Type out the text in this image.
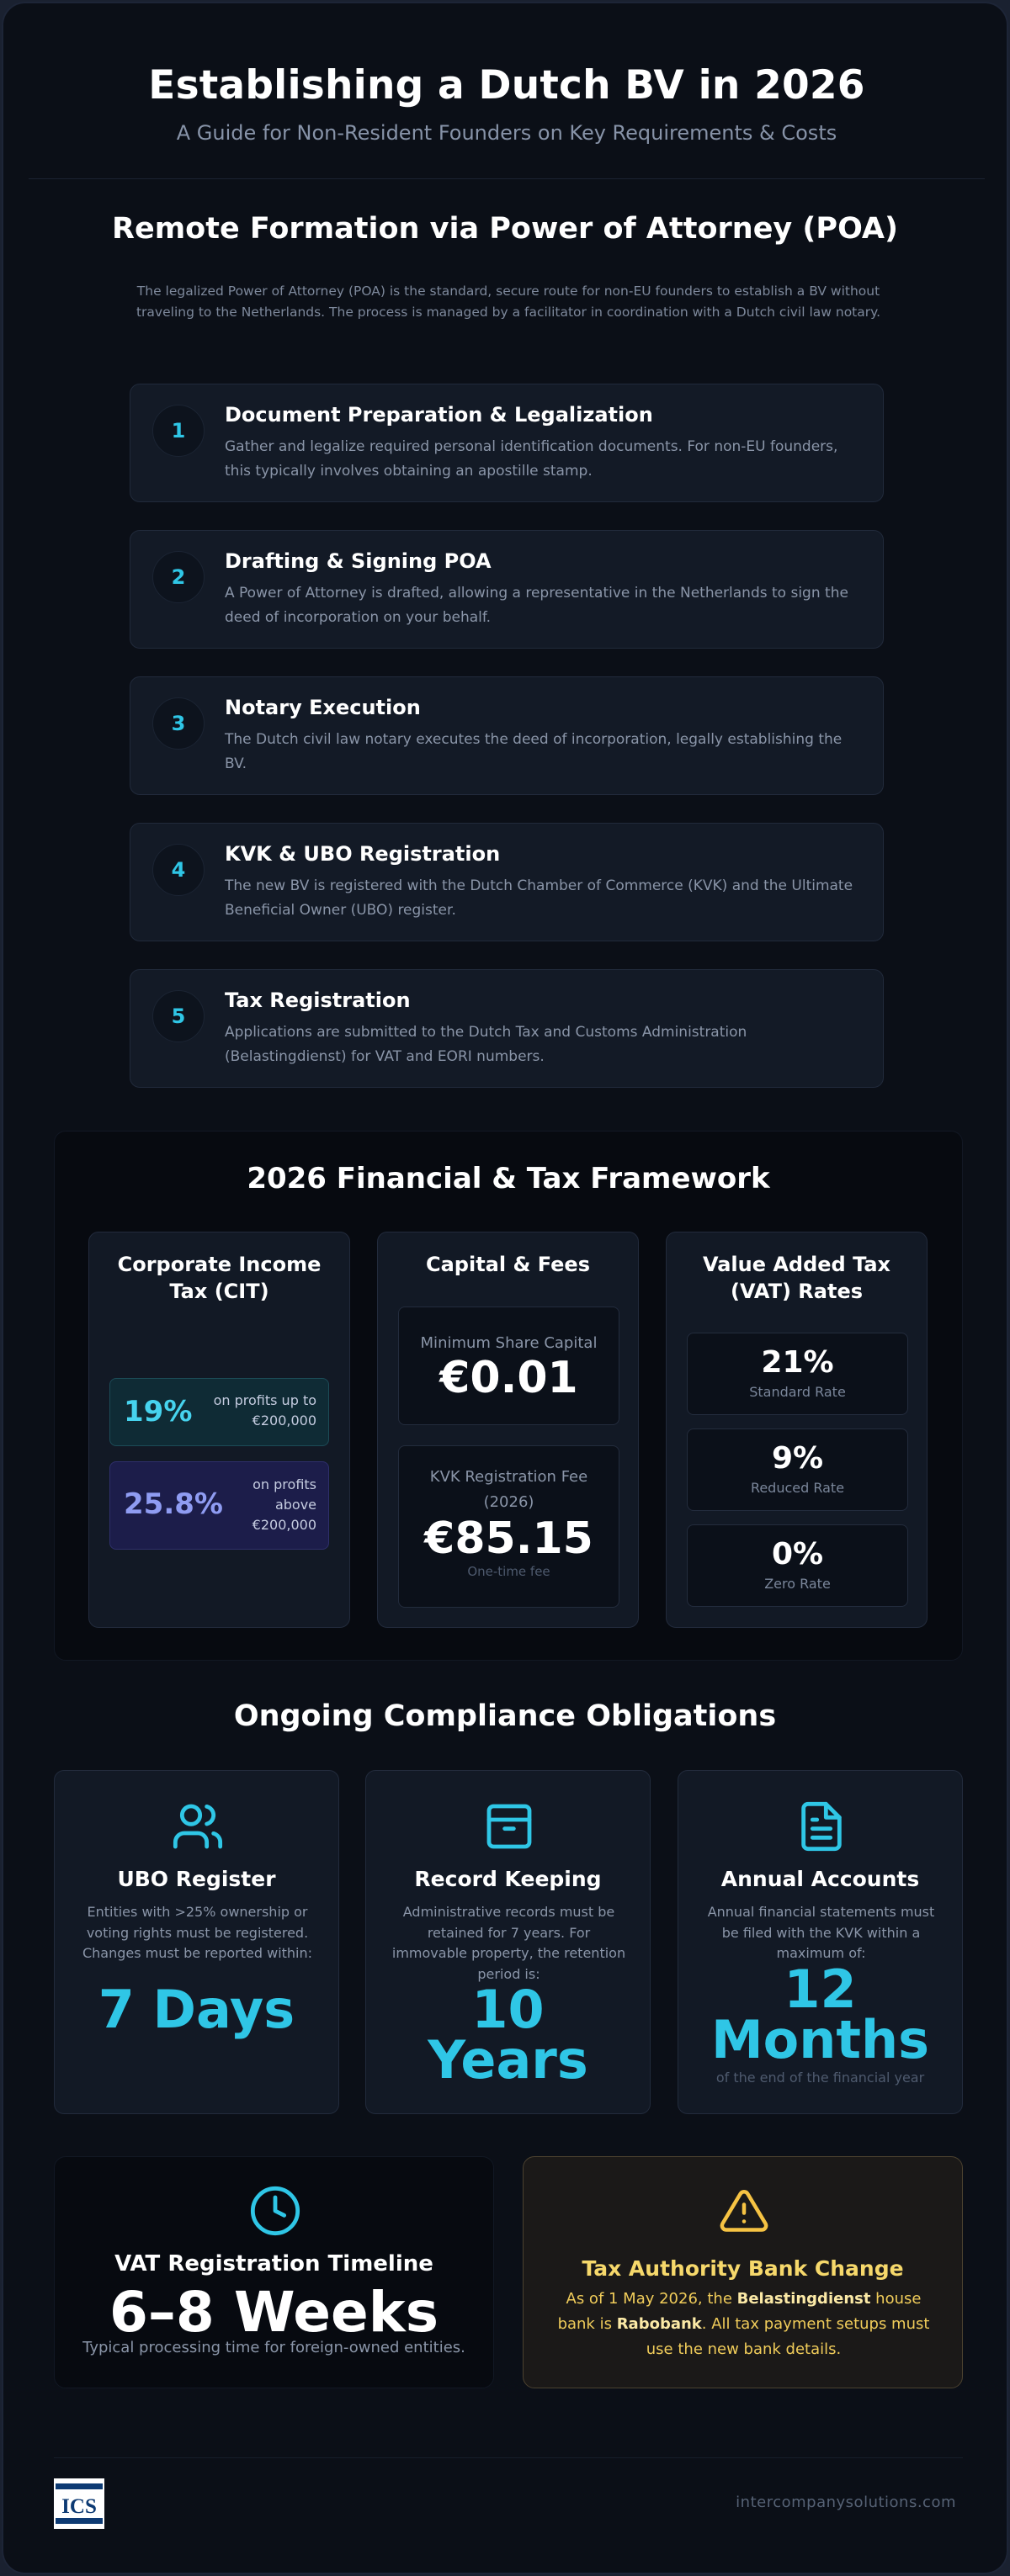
Establishing a Dutch BV in 2026
A Guide for Non-Resident Founders on Key Requirements & Costs
Remote Formation via Power of Attorney (POA)
The legalized Power of Attorney (POA) is the standard, secure route for non-EU founders to establish a BV without traveling to the Netherlands. The process is managed by a facilitator in coordination with a Dutch civil law notary.
1
Document Preparation & Legalization
Gather and legalize required personal identification documents. For non-EU founders, this typically involves obtaining an apostille stamp.
2
Drafting & Signing POA
A Power of Attorney is drafted, allowing a representative in the Netherlands to sign the deed of incorporation on your behalf.
3
Notary Execution
The Dutch civil law notary executes the deed of incorporation, legally establishing the BV.
4
KVK & UBO Registration
The new BV is registered with the Dutch Chamber of Commerce (KVK) and the Ultimate Beneficial Owner (UBO) register.
5
Tax Registration
Applications are submitted to the Dutch Tax and Customs Administration (Belastingdienst) for VAT and EORI numbers.
2026 Financial & Tax Framework
Corporate Income
Tax (CIT)
19% on profits up to
€200,000
25.8%
on profits
above
€200,000
Capital & Fees
Minimum Share Capital
€0.01
KVK Registration Fee
(2026)
€85.15
One-time fee
Value Added Tax
(VAT) Rates
21%
Standard Rate
9%
Reduced Rate
0%
Zero Rate
Ongoing Compliance Obligations
UBO Register
Entities with >25% ownership or voting rights must be registered. Changes must be reported within:
7 Days
Record Keeping
Administrative records must be retained for 7 years. For immovable property, the retention period is:
10
Years
Annual Accounts
Annual financial statements must be filed with the KVK within a maximum of:
12
Months
of the end of the financial year
VAT Registration Timeline
6–8 Weeks
Typical processing time for foreign-owned entities.
Tax Authority Bank Change
As of 1 May 2026, the Belastingdienst house bank is Rabobank. All tax payment setups must use the new bank details.
ICS	intercompanysolutions.com
